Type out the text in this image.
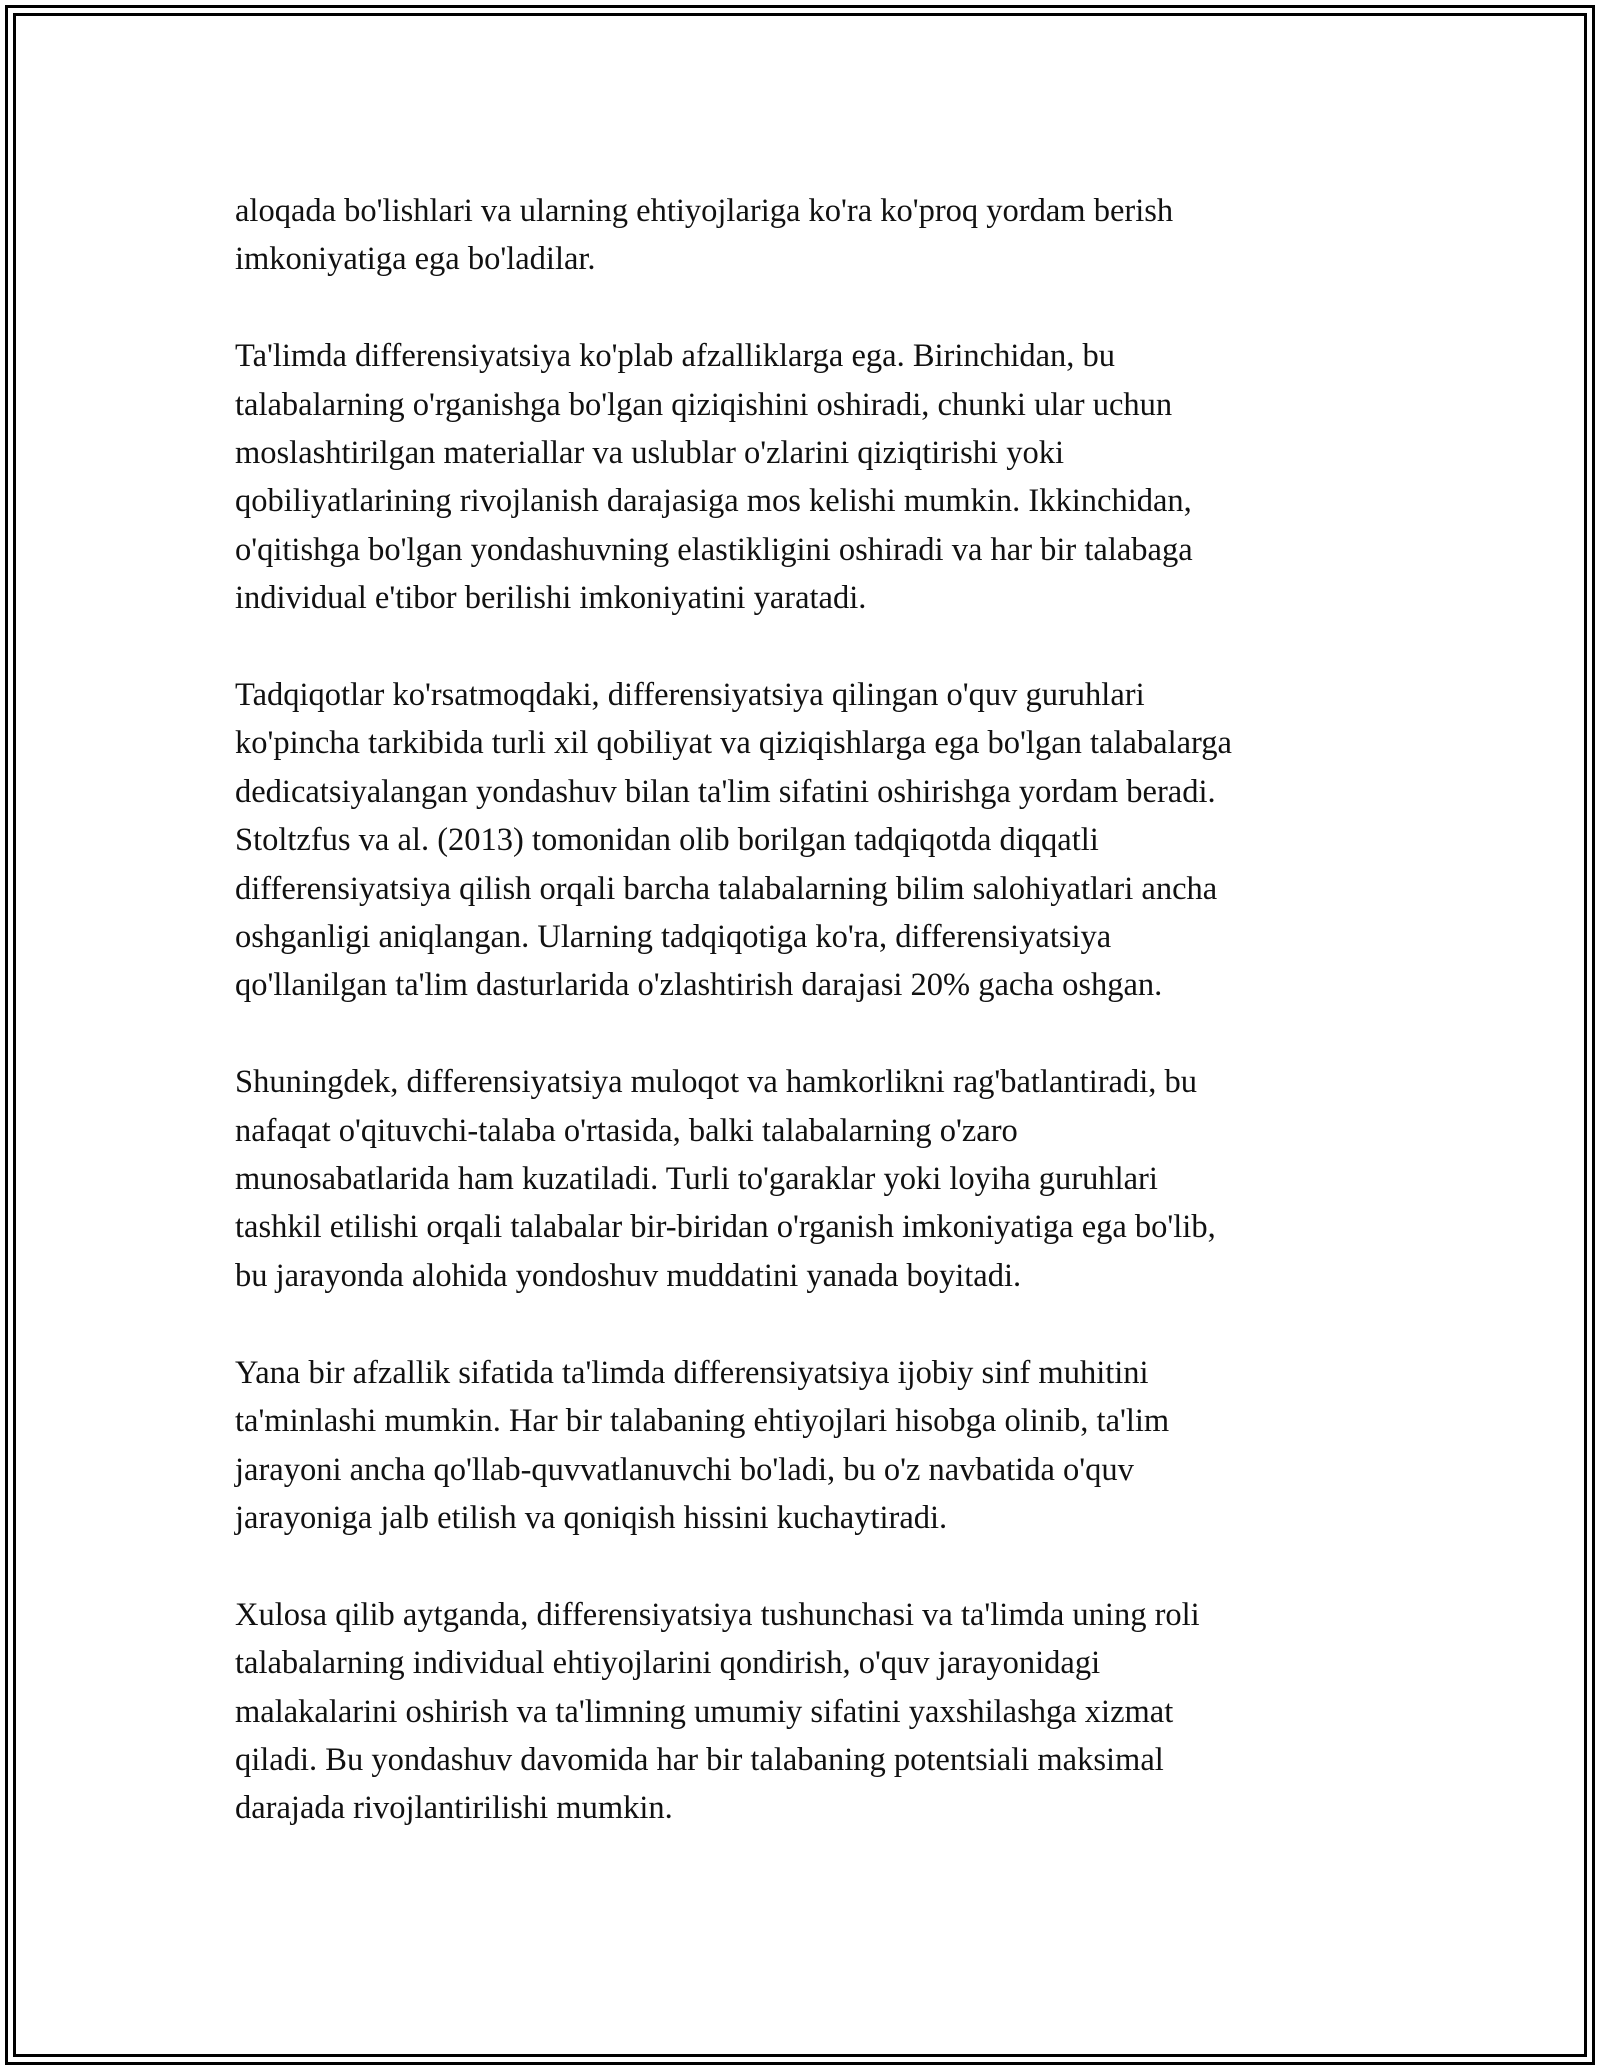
aloqada bo'lishlari va ularning ehtiyojlariga ko'ra ko'proq yordam berish
imkoniyatiga ega bo'ladilar.

Ta'limda differensiyatsiya ko'plab afzalliklarga ega. Birinchidan, bu
talabalarning o'rganishga bo'lgan qiziqishini oshiradi, chunki ular uchun
moslashtirilgan materiallar va uslublar o'zlarini qiziqtirishi yoki
qobiliyatlarining rivojlanish darajasiga mos kelishi mumkin. Ikkinchidan,
o'qitishga bo'lgan yondashuvning elastikligini oshiradi va har bir talabaga
individual e'tibor berilishi imkoniyatini yaratadi.

Tadqiqotlar ko'rsatmoqdaki, differensiyatsiya qilingan o'quv guruhlari
ko'pincha tarkibida turli xil qobiliyat va qiziqishlarga ega bo'lgan talabalarga
dedicatsiyalangan yondashuv bilan ta'lim sifatini oshirishga yordam beradi.
Stoltzfus va al. (2013) tomonidan olib borilgan tadqiqotda diqqatli
differensiyatsiya qilish orqali barcha talabalarning bilim salohiyatlari ancha
oshganligi aniqlangan. Ularning tadqiqotiga ko'ra, differensiyatsiya
qo'llanilgan ta'lim dasturlarida o'zlashtirish darajasi 20% gacha oshgan.

Shuningdek, differensiyatsiya muloqot va hamkorlikni rag'batlantiradi, bu
nafaqat o'qituvchi-talaba o'rtasida, balki talabalarning o'zaro
munosabatlarida ham kuzatiladi. Turli to'garaklar yoki loyiha guruhlari
tashkil etilishi orqali talabalar bir-biridan o'rganish imkoniyatiga ega bo'lib,
bu jarayonda alohida yondoshuv muddatini yanada boyitadi.

Yana bir afzallik sifatida ta'limda differensiyatsiya ijobiy sinf muhitini
ta'minlashi mumkin. Har bir talabaning ehtiyojlari hisobga olinib, ta'lim
jarayoni ancha qo'llab-quvvatlanuvchi bo'ladi, bu o'z navbatida o'quv
jarayoniga jalb etilish va qoniqish hissini kuchaytiradi.

Xulosa qilib aytganda, differensiyatsiya tushunchasi va ta'limda uning roli
talabalarning individual ehtiyojlarini qondirish, o'quv jarayonidagi
malakalarini oshirish va ta'limning umumiy sifatini yaxshilashga xizmat
qiladi. Bu yondashuv davomida har bir talabaning potentsiali maksimal
darajada rivojlantirilishi mumkin.
